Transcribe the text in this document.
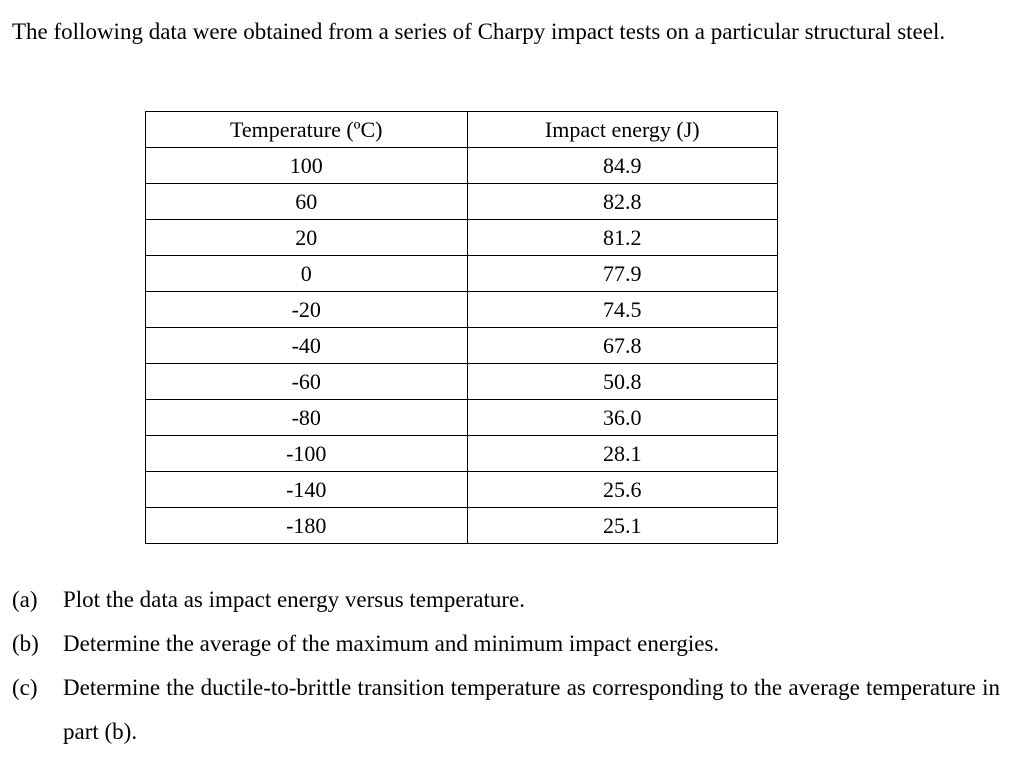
The following data were obtained from a series of Charpy impact tests on a particular structural steel.
Temperature (ºC)	Impact energy (J)
100	84.9
60	82.8
20	81.2
0	77.9
-20	74.5
-40	67.8
-60	50.8
-80	36.0
-100	28.1
-140	25.6
-180	25.1
(a)	Plot the data as impact energy versus temperature.
(b)	Determine the average of the maximum and minimum impact energies.
(c)	Determine the ductile-to-brittle transition temperature as corresponding to the average temperature in part (b).
